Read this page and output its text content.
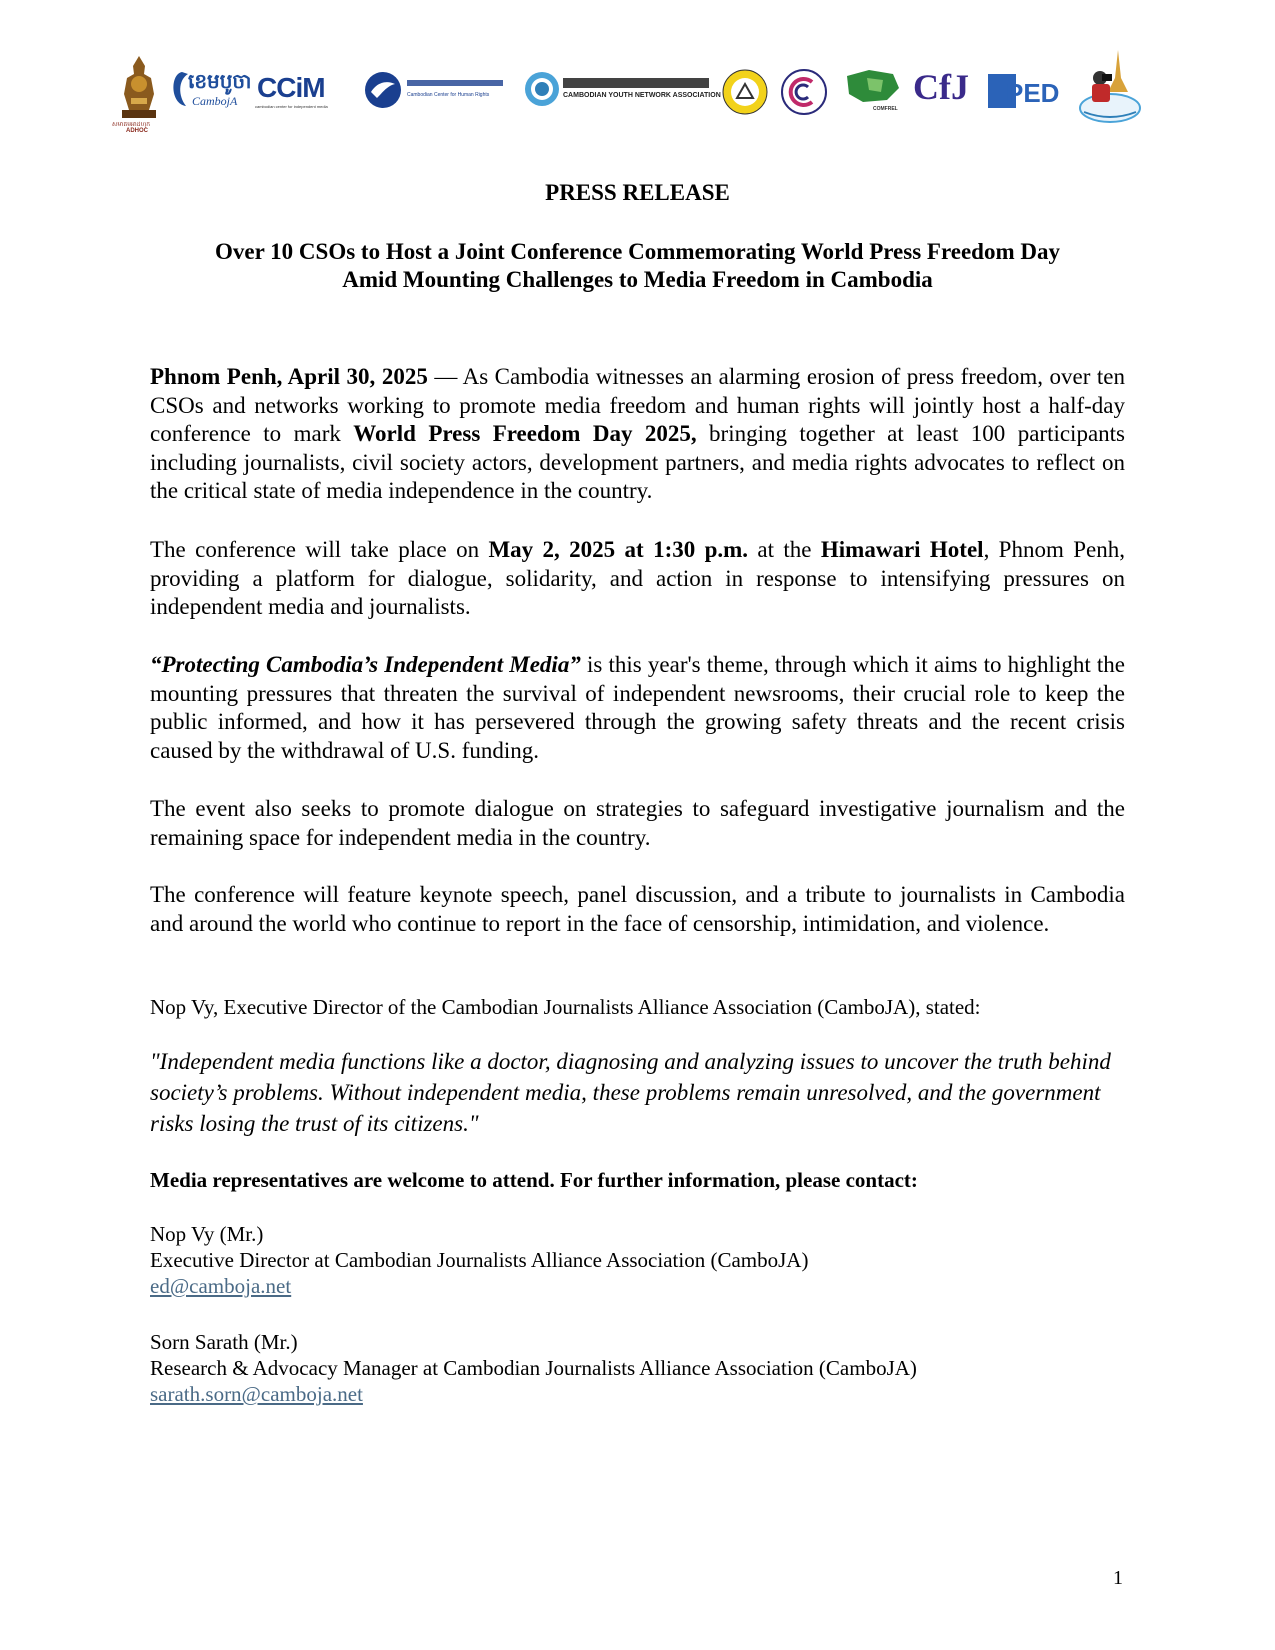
សមាគមអាដហុក
ADHOC
ខេមបូចា
CambojA CCiM
cambodian center for independent media
Cambodian Center for Human Rights	CAMBODIAN YOUTH NETWORK ASSOCIATION
COMFREL
CfJ PED
PRESS RELEASE
Over 10 CSOs to Host a Joint Conference Commemorating World Press Freedom Day
Amid Mounting Challenges to Media Freedom in Cambodia

Phnom Penh, April 30, 2025 — As Cambodia witnesses an alarming erosion of press freedom, over ten CSOs and networks working to promote media freedom and human rights will jointly host a half-day conference to mark World Press Freedom Day 2025, bringing together at least 100 participants including journalists, civil society actors, development partners, and media rights advocates to reflect on the critical state of media independence in the country.

The conference will take place on May 2, 2025 at 1:30 p.m. at the Himawari Hotel, Phnom Penh, providing a platform for dialogue, solidarity, and action in response to intensifying pressures on independent media and journalists.

“Protecting Cambodia’s Independent Media” is this year's theme, through which it aims to highlight the mounting pressures that threaten the survival of independent newsrooms, their crucial role to keep the public informed, and how it has persevered through the growing safety threats and the recent crisis caused by the withdrawal of U.S. funding.

The event also seeks to promote dialogue on strategies to safeguard investigative journalism and the remaining space for independent media in the country.

The conference will feature keynote speech, panel discussion, and a tribute to journalists in Cambodia and around the world who continue to report in the face of censorship, intimidation, and violence.

Nop Vy, Executive Director of the Cambodian Journalists Alliance Association (CamboJA), stated:

"Independent media functions like a doctor, diagnosing and analyzing issues to uncover the truth behind society’s problems. Without independent media, these problems remain unresolved, and the government risks losing the trust of its citizens."

Media representatives are welcome to attend. For further information, please contact:

Nop Vy (Mr.)
Executive Director at Cambodian Journalists Alliance Association (CamboJA)
ed@camboja.net
Sorn Sarath (Mr.)
Research & Advocacy Manager at Cambodian Journalists Alliance Association (CamboJA)
sarath.sorn@camboja.net
1
